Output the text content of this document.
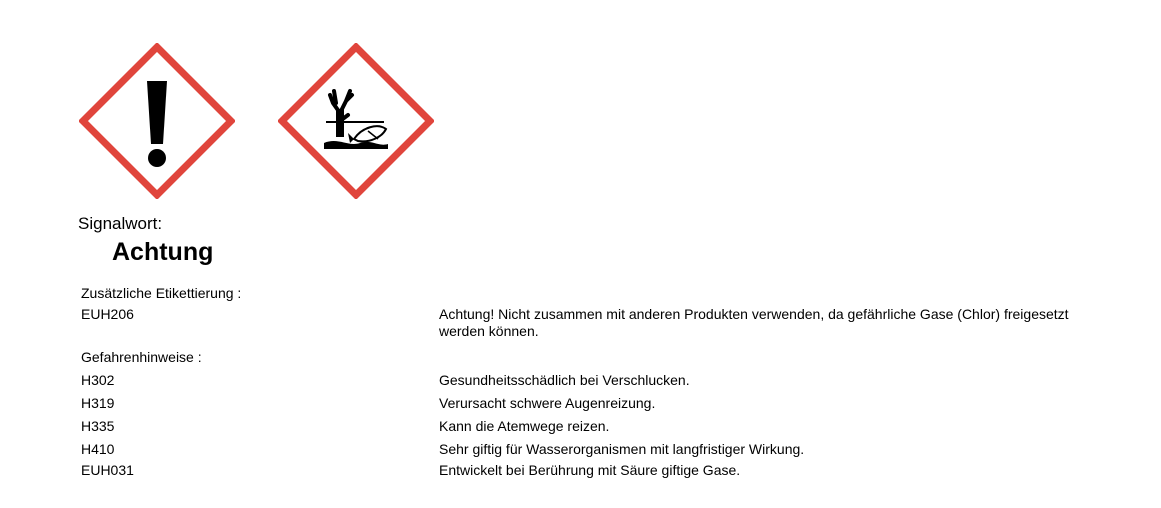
Signalwort:
Achtung
Zusätzliche Etikettierung :
EUH206	Achtung! Nicht zusammen mit anderen Produkten verwenden, da gefährliche Gase (Chlor) freigesetzt werden können.
Gefahrenhinweise :
H302	Gesundheitsschädlich bei Verschlucken.
H319	Verursacht schwere Augenreizung.
H335	Kann die Atemwege reizen.
H410	Sehr giftig für Wasserorganismen mit langfristiger Wirkung.
EUH031	Entwickelt bei Berührung mit Säure giftige Gase.
